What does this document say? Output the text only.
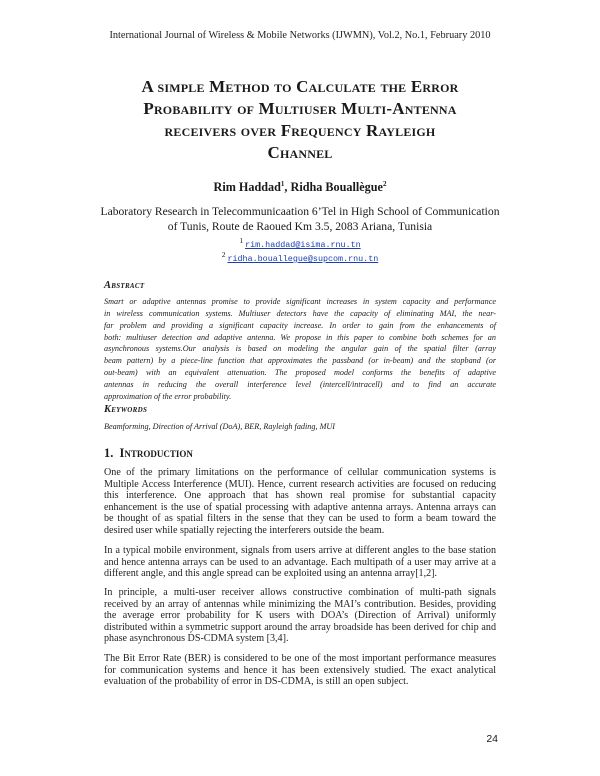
International Journal of Wireless & Mobile Networks (IJWMN), Vol.2, No.1, February 2010
A simple Method to Calculate the Error
Probability of Multiuser Multi-Antenna
receivers over Frequency Rayleigh
Channel
Rim Haddad$^1$, Ridha Bouallègue$^2$
Laboratory Research in Telecommunicaation 6’Tel in High School of Communication
of Tunis, Route de Raoued Km 3.5, 2083 Ariana, Tunisia
$^1$ rim.haddad@isima.rnu.tn
$^2$ ridha.bouallegue@supcom.rnu.tn
Abstract
Smart or adaptive antennas promise to provide significant increases in system capacity and performance
in wireless communication systems. Multiuser detectors have the capacity of eliminating MAI, the near-
far problem and providing a significant capacity increase. In order to gain from the enhancements of
both: multiuser detection and adaptive antenna. We propose in this paper to combine both schemes for an
asynchronous systems.Our analysis is based on modeling the angular gain of the spatial filter (array
beam pattern) by a piece-line function that approximates the passband (or in-beam) and the stopband (or
out-beam) with an equivalent attenuation. The proposed model conforms the benefits of adaptive
antennas in reducing the overall interference level (intercell/intracell) and to find an accurate
approximation of the error probability.
Keywords
Beamforming, Direction of Arrival (DoA), BER, Rayleigh fading, MUI
1. Introduction
One of the primary limitations on the performance of cellular communication systems is
Multiple Access Interference (MUI). Hence, current research activities are focused on reducing
this interference. One approach that has shown real promise for substantial capacity
enhancement is the use of spatial processing with adaptive antenna arrays. Antenna arrays can
be thought of as spatial filters in the sense that they can be used to form a beam toward the
desired user while spatially rejecting the interferers outside the beam.
In a typical mobile environment, signals from users arrive at different angles to the base station
and hence antenna arrays can be used to an advantage. Each multipath of a user may arrive at a
different angle, and this angle spread can be exploited using an antenna array[1,2].
In principle, a multi-user receiver allows constructive combination of multi-path signals
received by an array of antennas while minimizing the MAI’s contribution. Besides, providing
the average error probability for K users with DOA’s (Direction of Arrival) uniformly
distributed within a symmetric support around the array broadside has been derived for chip and
phase asynchronous DS-CDMA system [3,4].
The Bit Error Rate (BER) is considered to be one of the most important performance measures
for communication systems and hence it has been extensively studied. The exact analytical
evaluation of the probability of error in DS-CDMA, is still an open subject.
24
